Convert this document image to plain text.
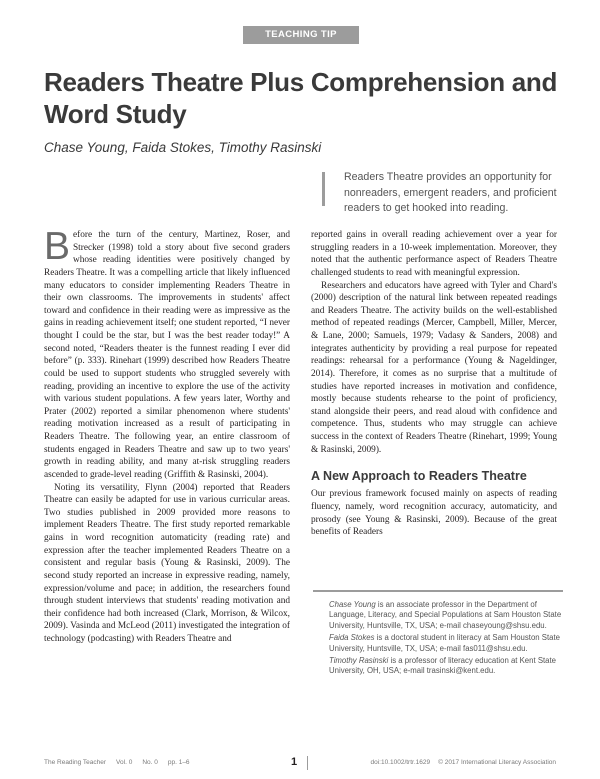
TEACHING TIP
Readers Theatre Plus Comprehension and Word Study
Chase Young, Faida Stokes, Timothy Rasinski
Readers Theatre provides an opportunity for nonreaders, emergent readers, and proficient readers to get hooked into reading.

Before the turn of the century, Martinez, Roser, and Strecker (1998) told a story about five second graders whose reading identities were positively changed by Readers Theatre. It was a compelling article that likely influenced many educators to consider implementing Readers Theatre in their own classrooms. The improvements in students' affect toward and confidence in their reading were as impressive as the gains in reading achievement itself; one student reported, “I never thought I could be the star, but I was the best reader today!” A second noted, “Readers theater is the funnest reading I ever did before” (p. 333). Rinehart (1999) described how Readers Theatre could be used to support students who struggled severely with reading, providing an incentive to explore the use of the activity with various student populations. A few years later, Worthy and Prater (2002) reported a similar phenomenon where students' reading motivation increased as a result of participating in Readers Theatre. The following year, an entire classroom of students engaged in Readers Theatre and saw up to two years' growth in reading ability, and many at-risk struggling readers ascended to grade-level reading (Griffith & Rasinski, 2004).

Noting its versatility, Flynn (2004) reported that Readers Theatre can easily be adapted for use in various curricular areas. Two studies published in 2009 provided more reasons to implement Readers Theatre. The first study reported remarkable gains in word recognition automaticity (reading rate) and expression after the teacher implemented Readers Theatre on a consistent and regular basis (Young & Rasinski, 2009). The second study reported an increase in expressive reading, namely, expression/volume and pace; in addition, the researchers found through student interviews that students' reading motivation and their confidence had both increased (Clark, Morrison, & Wilcox, 2009). Vasinda and McLeod (2011) investigated the integration of technology (podcasting) with Readers Theatre and

reported gains in overall reading achievement over a year for struggling readers in a 10-week implementation. Moreover, they noted that the authentic performance aspect of Readers Theatre challenged students to read with meaningful expression.

Researchers and educators have agreed with Tyler and Chard's (2000) description of the natural link between repeated readings and Readers Theatre. The activity builds on the well-established method of repeated readings (Mercer, Campbell, Miller, Mercer, & Lane, 2000; Samuels, 1979; Vadasy & Sanders, 2008) and integrates authenticity by providing a real purpose for repeated readings: rehearsal for a performance (Young & Nageldinger, 2014). Therefore, it comes as no surprise that a multitude of studies have reported increases in motivation and confidence, mostly because students rehearse to the point of proficiency, stand alongside their peers, and read aloud with confidence and competence. Thus, students who may struggle can achieve success in the context of Readers Theatre (Rinehart, 1999; Young & Rasinski, 2009).

A New Approach to Readers Theatre

Our previous framework focused mainly on aspects of reading fluency, namely, word recognition accuracy, automaticity, and prosody (see Young & Rasinski, 2009). Because of the great benefits of Readers

Chase Young is an associate professor in the Department of Language, Literacy, and Special Populations at Sam Houston State University, Huntsville, TX, USA; e-mail chaseyoung@shsu.edu.

Faida Stokes is a doctoral student in literacy at Sam Houston State University, Huntsville, TX, USA; e-mail fas011@shsu.edu.

Timothy Rasinski is a professor of literacy education at Kent State University, OH, USA; e-mail trasinski@kent.edu.

The Reading Teacher Vol. 0 No. 0 pp. 1–6	1	doi:10.1002/trtr.1629 © 2017 International Literacy Association
